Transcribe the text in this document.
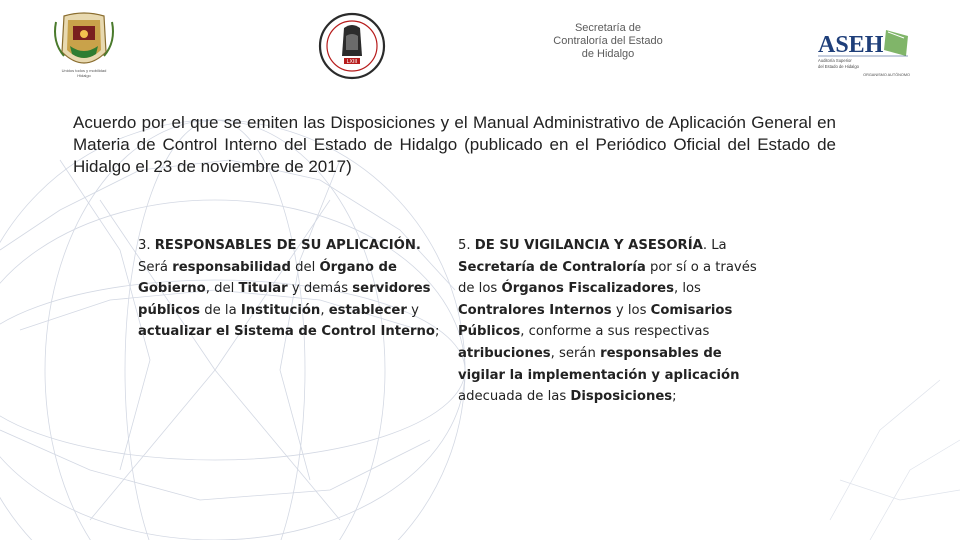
Unidos todos y mobilidad
Hidalgo
LXIII
Secretaría de
Contraloría del Estado
de Hidalgo	ASEH
Auditoría Superior
del Estado de Hidalgo
ORGANISMO AUTÓNOMO
Acuerdo por el que se emiten las Disposiciones y el Manual Administrativo de Aplicación General en Materia de Control Interno del Estado de Hidalgo (publicado en el Periódico Oficial del Estado de Hidalgo el 23 de noviembre de 2017)
3. RESPONSABLES DE SU APLICACIÓN. Será responsabilidad del Órgano de Gobierno, del Titular y demás servidores públicos de la Institución, establecer y actualizar el Sistema de Control Interno;
5. DE SU VIGILANCIA Y ASESORÍA. La Secretaría de Contraloría por sí o a través de los Órganos Fiscalizadores, los Contralores Internos y los Comisarios Públicos, conforme a sus respectivas atribuciones, serán responsables de vigilar la implementación y aplicación adecuada de las Disposiciones;
